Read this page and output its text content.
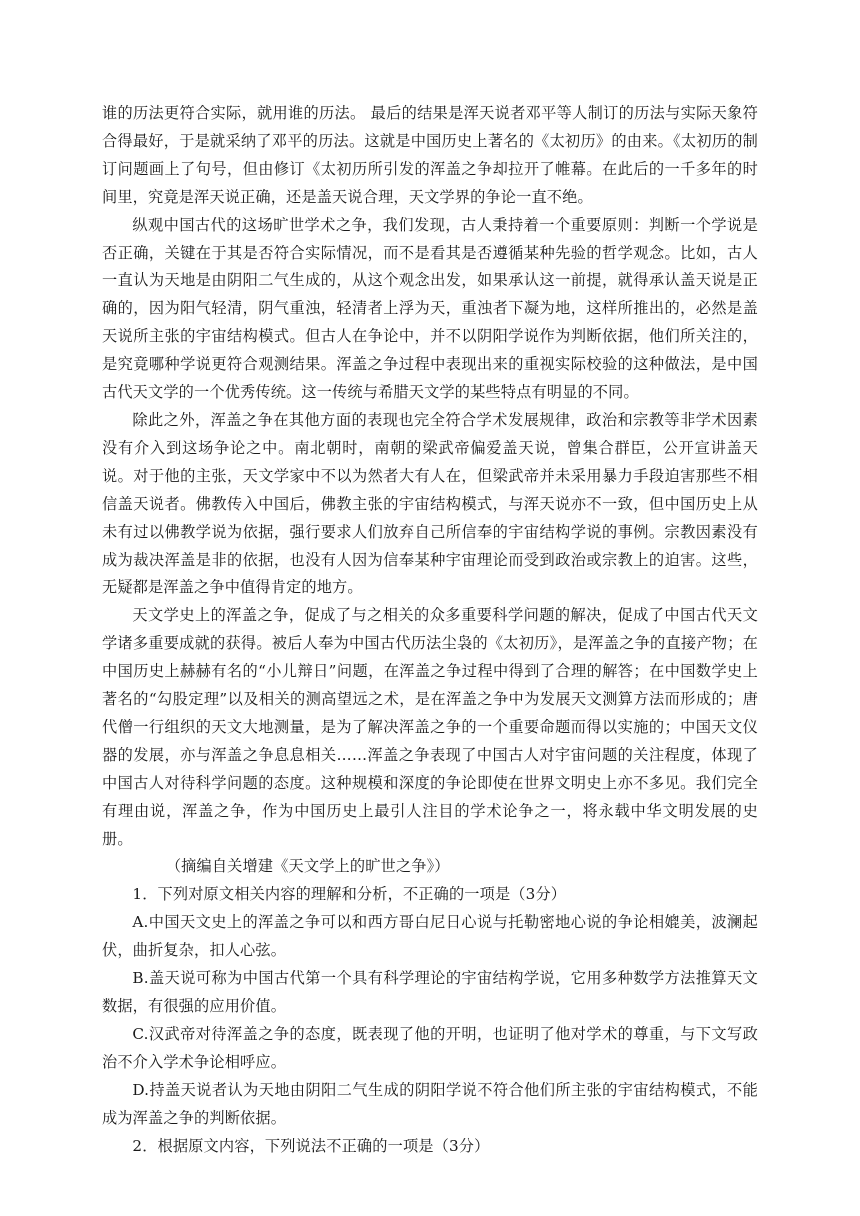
谁的历法更符合实际，就用谁的历法。 最后的结果是浑天说者邓平等人制订的历法与实际天象符合得最好，于是就采纳了邓平的历法。这就是中国历史上著名的《太初历》的由来。《太初历的制订问题画上了句号，但由修订《太初历所引发的浑盖之争却拉开了帷幕。在此后的一千多年的时间里，究竟是浑天说正确，还是盖天说合理，天文学界的争论一直不绝。

纵观中国古代的这场旷世学术之争，我们发现，古人秉持着一个重要原则：判断一个学说是否正确，关键在于其是否符合实际情况，而不是看其是否遵循某种先验的哲学观念。比如，古人一直认为天地是由阴阳二气生成的，从这个观念出发，如果承认这一前提，就得承认盖天说是正确的，因为阳气轻清，阴气重浊，轻清者上浮为天，重浊者下凝为地，这样所推出的，必然是盖天说所主张的宇宙结构模式。但古人在争论中，并不以阴阳学说作为判断依据，他们所关注的，是究竟哪种学说更符合观测结果。浑盖之争过程中表现出来的重视实际校验的这种做法，是中国古代天文学的一个优秀传统。这一传统与希腊天文学的某些特点有明显的不同。

除此之外，浑盖之争在其他方面的表现也完全符合学术发展规律，政治和宗教等非学术因素没有介入到这场争论之中。南北朝时，南朝的梁武帝偏爱盖天说，曾集合群臣，公开宣讲盖天说。对于他的主张，天文学家中不以为然者大有人在，但梁武帝并未采用暴力手段迫害那些不相信盖天说者。佛教传入中国后，佛教主张的宇宙结构模式，与浑天说亦不一致，但中国历史上从未有过以佛教学说为依据，强行要求人们放弃自己所信奉的宇宙结构学说的事例。宗教因素没有成为裁决浑盖是非的依据，也没有人因为信奉某种宇宙理论而受到政治或宗教上的迫害。这些，无疑都是浑盖之争中值得肯定的地方。

天文学史上的浑盖之争，促成了与之相关的众多重要科学问题的解决，促成了中国古代天文学诸多重要成就的获得。被后人奉为中国古代历法尘袅的《太初历》，是浑盖之争的直接产物；在中国历史上赫赫有名的“小儿辩日”问题，在浑盖之争过程中得到了合理的解答；在中国数学史上著名的“勾股定理”以及相关的测高望远之术，是在浑盖之争中为发展天文测算方法而形成的；唐代僧一行组织的天文大地测量，是为了解决浑盖之争的一个重要命题而得以实施的；中国天文仪器的发展，亦与浑盖之争息息相关……浑盖之争表现了中国古人对宇宙问题的关注程度，体现了中国古人对待科学问题的态度。这种规模和深度的争论即使在世界文明史上亦不多见。我们完全有理由说，浑盖之争，作为中国历史上最引人注目的学术论争之一，将永载中华文明发展的史册。

（摘编自关增建《天文学上的旷世之争》）

1．下列对原文相关内容的理解和分析，不正确的一项是（3分）

A.中国天文史上的浑盖之争可以和西方哥白尼日心说与托勒密地心说的争论相媲美，波澜起伏，曲折复杂，扣人心弦。

B.盖天说可称为中国古代第一个具有科学理论的宇宙结构学说，它用多种数学方法推算天文数据，有很强的应用价值。

C.汉武帝对待浑盖之争的态度，既表现了他的开明，也证明了他对学术的尊重，与下文写政治不介入学术争论相呼应。

D.持盖天说者认为天地由阴阳二气生成的阴阳学说不符合他们所主张的宇宙结构模式，不能成为浑盖之争的判断依据。

2．根据原文内容，下列说法不正确的一项是（3分）
